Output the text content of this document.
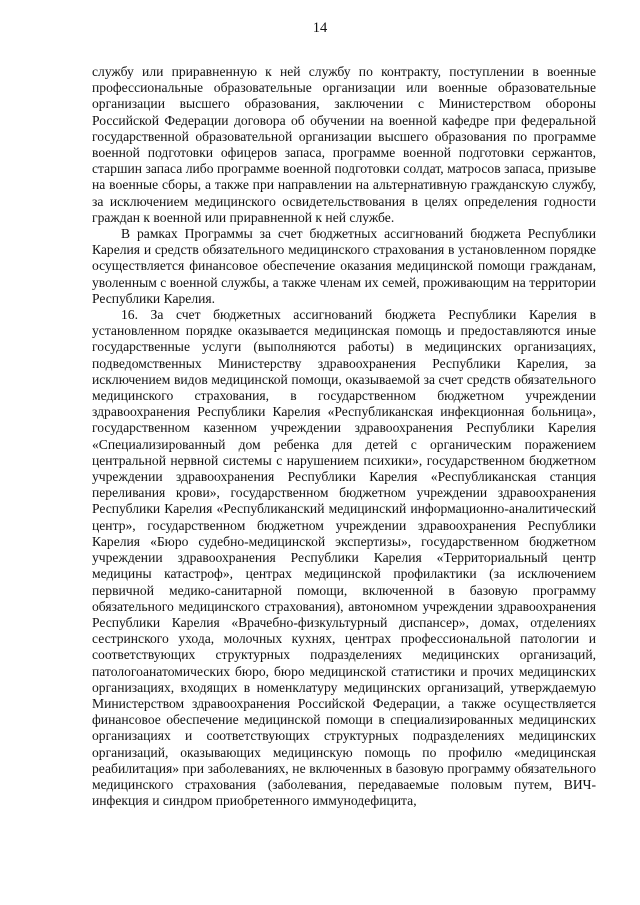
14

службу или приравненную к ней службу по контракту, поступлении в военные профессиональные образовательные организации или военные образовательные организации высшего образования, заключении с Министерством обороны Российской Федерации договора об обучении на военной кафедре при федеральной государственной образовательной организации высшего образования по программе военной подготовки офицеров запаса, программе военной подготовки сержантов, старшин запаса либо программе военной подготовки солдат, матросов запаса, призыве на военные сборы, а также при направлении на альтернативную гражданскую службу, за исключением медицинского освидетельствования в целях определения годности граждан к военной или приравненной к ней службе.

В рамках Программы за счет бюджетных ассигнований бюджета Республики Карелия и средств обязательного медицинского страхования в установленном порядке осуществляется финансовое обеспечение оказания медицинской помощи гражданам, уволенным с военной службы, а также членам их семей, проживающим на территории Республики Карелия.

16. За счет бюджетных ассигнований бюджета Республики Карелия в установленном порядке оказывается медицинская помощь и предоставляются иные государственные услуги (выполняются работы) в медицинских организациях, подведомственных Министерству здравоохранения Республики Карелия, за исключением видов медицинской помощи, оказываемой за счет средств обязательного медицинского страхования, в государственном бюджетном учреждении здравоохранения Республики Карелия «Республиканская инфекционная больница», государственном казенном учреждении здравоохранения Республики Карелия «Специализированный дом ребенка для детей с органическим поражением центральной нервной системы с нарушением психики», государственном бюджетном учреждении здравоохранения Республики Карелия «Республиканская станция переливания крови», государственном бюджетном учреждении здравоохранения Республики Карелия «Республиканский медицинский информационно-аналитический центр», государственном бюджетном учреждении здравоохранения Республики Карелия «Бюро судебно-медицинской экспертизы», государственном бюджетном учреждении здравоохранения Республики Карелия «Территориальный центр медицины катастроф», центрах медицинской профилактики (за исключением первичной медико-санитарной помощи, включенной в базовую программу обязательного медицинского страхования), автономном учреждении здравоохранения Республики Карелия «Врачебно-физкультурный диспансер», домах, отделениях сестринского ухода, молочных кухнях, центрах профессиональной патологии и соответствующих структурных подразделениях медицинских организаций, патологоанатомических бюро, бюро медицинской статистики и прочих медицинских организациях, входящих в номенклатуру медицинских организаций, утверждаемую Министерством здравоохранения Российской Федерации, а также осуществляется финансовое обеспечение медицинской помощи в специализированных медицинских организациях и соответствующих структурных подразделениях медицинских организаций, оказывающих медицинскую помощь по профилю «медицинская реабилитация» при заболеваниях, не включенных в базовую программу обязательного медицинского страхования (заболевания, передаваемые половым путем, ВИЧ-инфекция и синдром приобретенного иммунодефицита,
